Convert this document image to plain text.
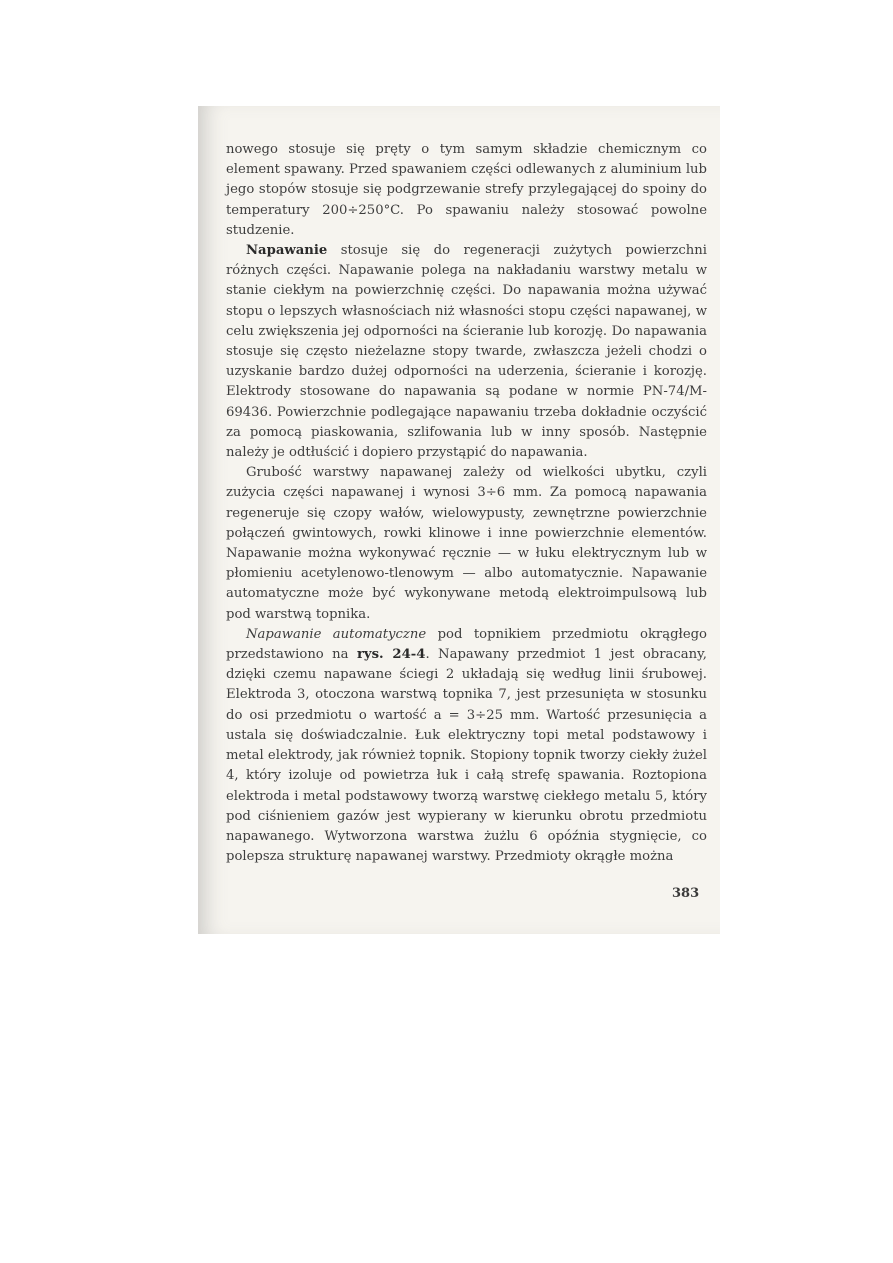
nowego stosuje się pręty o tym samym składzie chemicznym co element spawany. Przed spawaniem części odlewanych z aluminium lub jego stopów stosuje się podgrzewanie strefy przylegającej do spoiny do temperatury 200÷250°C. Po spawaniu należy stosować powolne studzenie.

Napawanie stosuje się do regeneracji zużytych powierzchni różnych części. Napawanie polega na nakładaniu warstwy metalu w stanie ciekłym na powierzchnię części. Do napawania można używać stopu o lepszych własnościach niż własności stopu części napawanej, w celu zwiększenia jej odporności na ścieranie lub korozję. Do napawania stosuje się często nieżelazne stopy twarde, zwłaszcza jeżeli chodzi o uzyskanie bardzo dużej odporności na uderzenia, ścieranie i korozję. Elektrody stosowane do napawania są podane w normie PN-74/M-69436. Powierzchnie podlegające napawaniu trzeba dokładnie oczyścić za pomocą piaskowania, szlifowania lub w inny sposób. Następnie należy je odtłuścić i dopiero przystąpić do napawania.

Grubość warstwy napawanej zależy od wielkości ubytku, czyli zużycia części napawanej i wynosi 3÷6 mm. Za pomocą napawania regeneruje się czopy wałów, wielowypusty, zewnętrzne powierzchnie połączeń gwintowych, rowki klinowe i inne powierzchnie elementów. Napawanie można wykonywać ręcznie — w łuku elektrycznym lub w płomieniu acetylenowo-tlenowym — albo automatycznie. Napawanie automatyczne może być wykonywane metodą elektroimpulsową lub pod warstwą topnika.

Napawanie automatyczne pod topnikiem przedmiotu okrągłego przedstawiono na rys. 24-4. Napawany przedmiot 1 jest obracany, dzięki czemu napawane ściegi 2 układają się według linii śrubowej. Elektroda 3, otoczona warstwą topnika 7, jest przesunięta w stosunku do osi przedmiotu o wartość a = 3÷25 mm. Wartość przesunięcia a ustala się doświadczalnie. Łuk elektryczny topi metal podstawowy i metal elektrody, jak również topnik. Stopiony topnik tworzy ciekły żużel 4, który izoluje od powietrza łuk i całą strefę spawania. Roztopiona elektroda i metal podstawowy tworzą warstwę ciekłego metalu 5, który pod ciśnieniem gazów jest wypierany w kierunku obrotu przedmiotu napawanego. Wytworzona warstwa żużlu 6 opóźnia stygnięcie, co polepsza strukturę napawanej warstwy. Przedmioty okrągłe można

383
